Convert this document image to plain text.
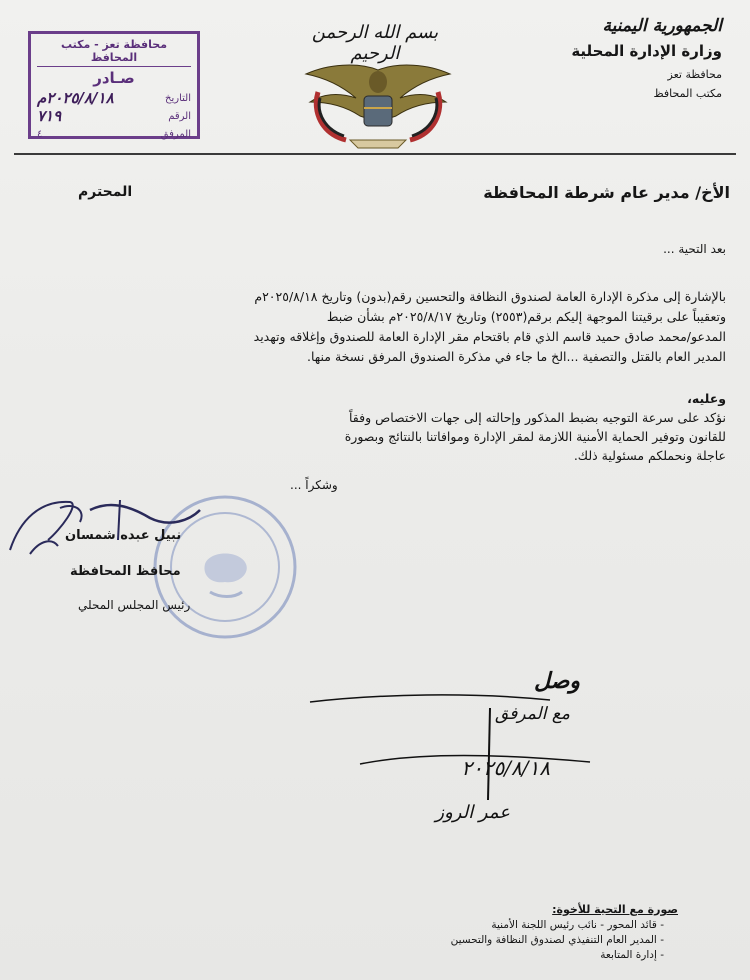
الجمهورية اليمنية
وزارة الإدارة المحلية
محافظة تعز
مكتب المحافظ
بسم الله الرحمن الرحيم
محافظة تعز - مكتب المحافظ
صـادر
التاريخ
٢٠٢٥/٨/١٨م
الرقم
٧١٩
المرفق
٤
الأخ/ مدير عام شرطة المحافظة
المحترم
بعد التحية ...

بالإشارة إلى مذكرة الإدارة العامة لصندوق النظافة والتحسين رقم(بدون) وتاريخ ٢٠٢٥/٨/١٨م

وتعقيباً على برقيتنا الموجهة إليكم برقم(٢٥٥٣) وتاريخ ٢٠٢٥/٨/١٧م بشأن ضبط

المدعو/محمد صادق حميد قاسم الذي قام باقتحام مقر الإدارة العامة للصندوق وإغلاقه وتهديد

المدير العام بالقتل والتصفية ...الخ ما جاء في مذكرة الصندوق المرفق نسخة منها.

وعليه،
نؤكد على سرعة التوجيه بضبط المذكور وإحالته إلى جهات الاختصاص وفقاً
للقانون وتوفير الحماية الأمنية اللازمة لمقر الإدارة وموافاتنا بالنتائج وبصورة
عاجلة ونحملكم مسئولية ذلك.
وشكراً ...
نبيل عبده شمسان
محافظ المحافظة
رئيس المجلس المحلي
وصل
مع المرفق
٢٠٢٥/٨/١٨
عمر الروز
صورة مع التحية للأخوة:
- قائد المحور - نائب رئيس اللجنة الأمنية
- المدير العام التنفيذي لصندوق النظافة والتحسين
- إدارة المتابعة
